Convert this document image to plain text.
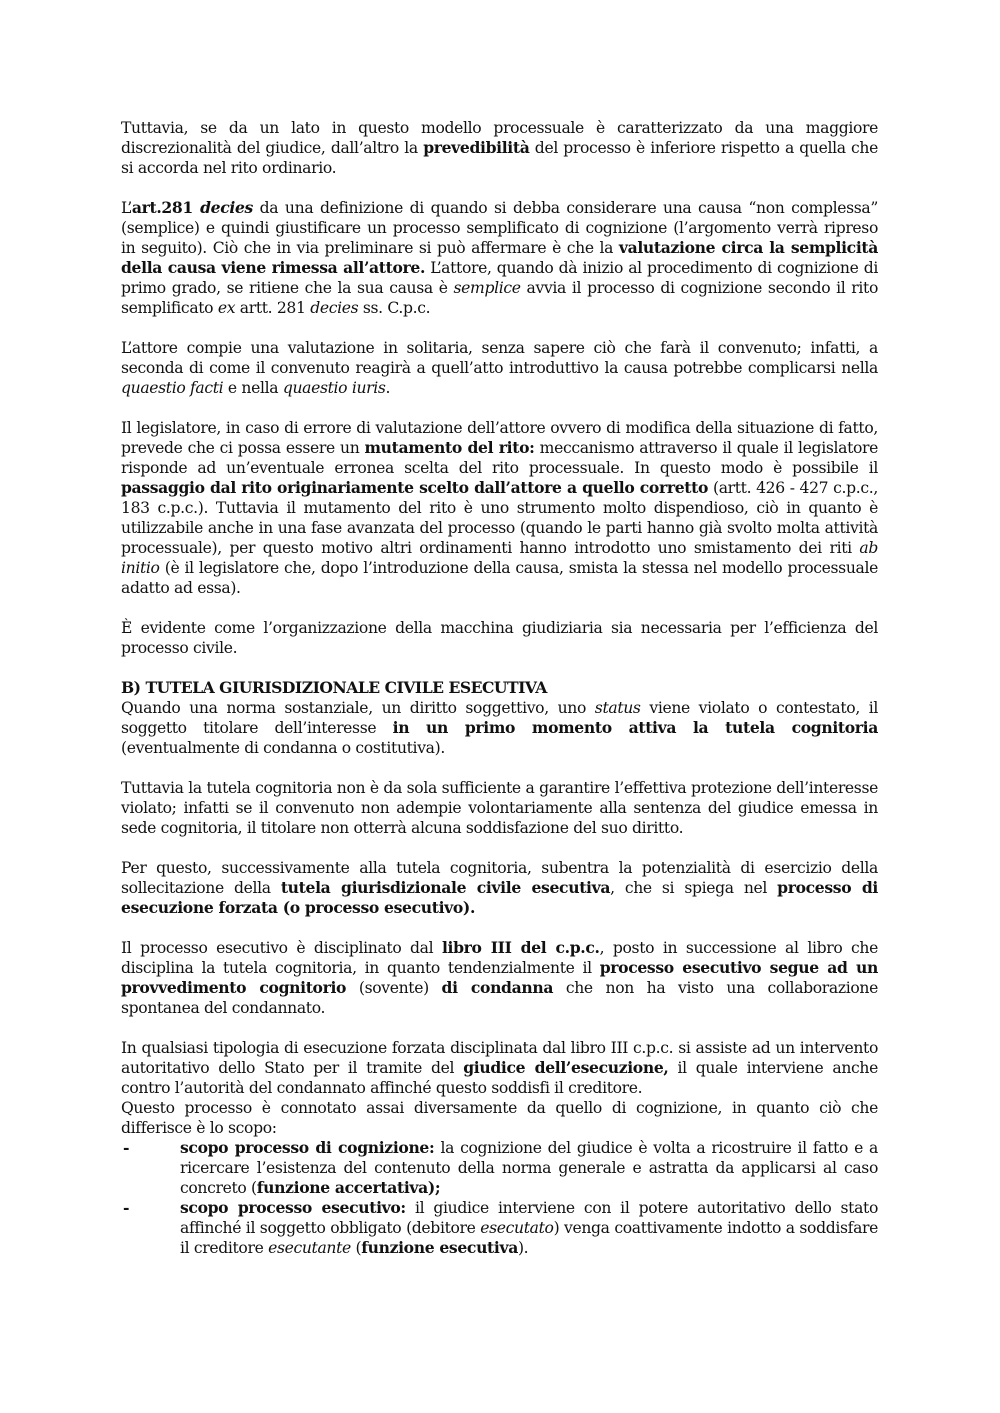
Tuttavia, se da un lato in questo modello processuale è caratterizzato da una maggiore discrezionalità del giudice, dall’altro la prevedibilità del processo è inferiore rispetto a quella che si accorda nel rito ordinario.

L’art.281 decies da una definizione di quando si debba considerare una causa “non complessa” (semplice) e quindi giustificare un processo semplificato di cognizione (l’argomento verrà ripreso in seguito). Ciò che in via preliminare si può affermare è che la valutazione circa la semplicità della causa viene rimessa all’attore. L’attore, quando dà inizio al procedimento di cognizione di primo grado, se ritiene che la sua causa è semplice avvia il processo di cognizione secondo il rito semplificato ex artt. 281 decies ss. C.p.c.

L’attore compie una valutazione in solitaria, senza sapere ciò che farà il convenuto; infatti, a seconda di come il convenuto reagirà a quell’atto introduttivo la causa potrebbe complicarsi nella quaestio facti e nella quaestio iuris.

Il legislatore, in caso di errore di valutazione dell’attore ovvero di modifica della situazione di fatto, prevede che ci possa essere un mutamento del rito: meccanismo attraverso il quale il legislatore risponde ad un’eventuale erronea scelta del rito processuale. In questo modo è possibile il passaggio dal rito originariamente scelto dall’attore a quello corretto (artt. 426 - 427 c.p.c., 183 c.p.c.). Tuttavia il mutamento del rito è uno strumento molto dispendioso, ciò in quanto è utilizzabile anche in una fase avanzata del processo (quando le parti hanno già svolto molta attività processuale), per questo motivo altri ordinamenti hanno introdotto uno smistamento dei riti ab initio (è il legislatore che, dopo l’introduzione della causa, smista la stessa nel modello processuale adatto ad essa).

È evidente come l’organizzazione della macchina giudiziaria sia necessaria per l’efficienza del processo civile.

B) TUTELA GIURISDIZIONALE CIVILE ESECUTIVA

Quando una norma sostanziale, un diritto soggettivo, uno status viene violato o contestato, il soggetto titolare dell’interesse in un primo momento attiva la tutela cognitoria (eventualmente di condanna o costitutiva).

Tuttavia la tutela cognitoria non è da sola sufficiente a garantire l’effettiva protezione dell’interesse violato; infatti se il convenuto non adempie volontariamente alla sentenza del giudice emessa in sede cognitoria, il titolare non otterrà alcuna soddisfazione del suo diritto.

Per questo, successivamente alla tutela cognitoria, subentra la potenzialità di esercizio della sollecitazione della tutela giurisdizionale civile esecutiva, che si spiega nel processo di esecuzione forzata (o processo esecutivo).

Il processo esecutivo è disciplinato dal libro III del c.p.c., posto in successione al libro che disciplina la tutela cognitoria, in quanto tendenzialmente il processo esecutivo segue ad un provvedimento cognitorio (sovente) di condanna che non ha visto una collaborazione spontanea del condannato.

In qualsiasi tipologia di esecuzione forzata disciplinata dal libro III c.p.c. si assiste ad un intervento autoritativo dello Stato per il tramite del giudice dell’esecuzione, il quale interviene anche contro l’autorità del condannato affinché questo soddisfi il creditore.

Questo processo è connotato assai diversamente da quello di cognizione, in quanto ciò che differisce è lo scopo:

-	scopo processo di cognizione: la cognizione del giudice è volta a ricostruire il fatto e a ricercare l’esistenza del contenuto della norma generale e astratta da applicarsi al caso concreto (funzione accertativa);
-	scopo processo esecutivo: il giudice interviene con il potere autoritativo dello stato affinché il soggetto obbligato (debitore esecutato) venga coattivamente indotto a soddisfare il creditore esecutante (funzione esecutiva).
